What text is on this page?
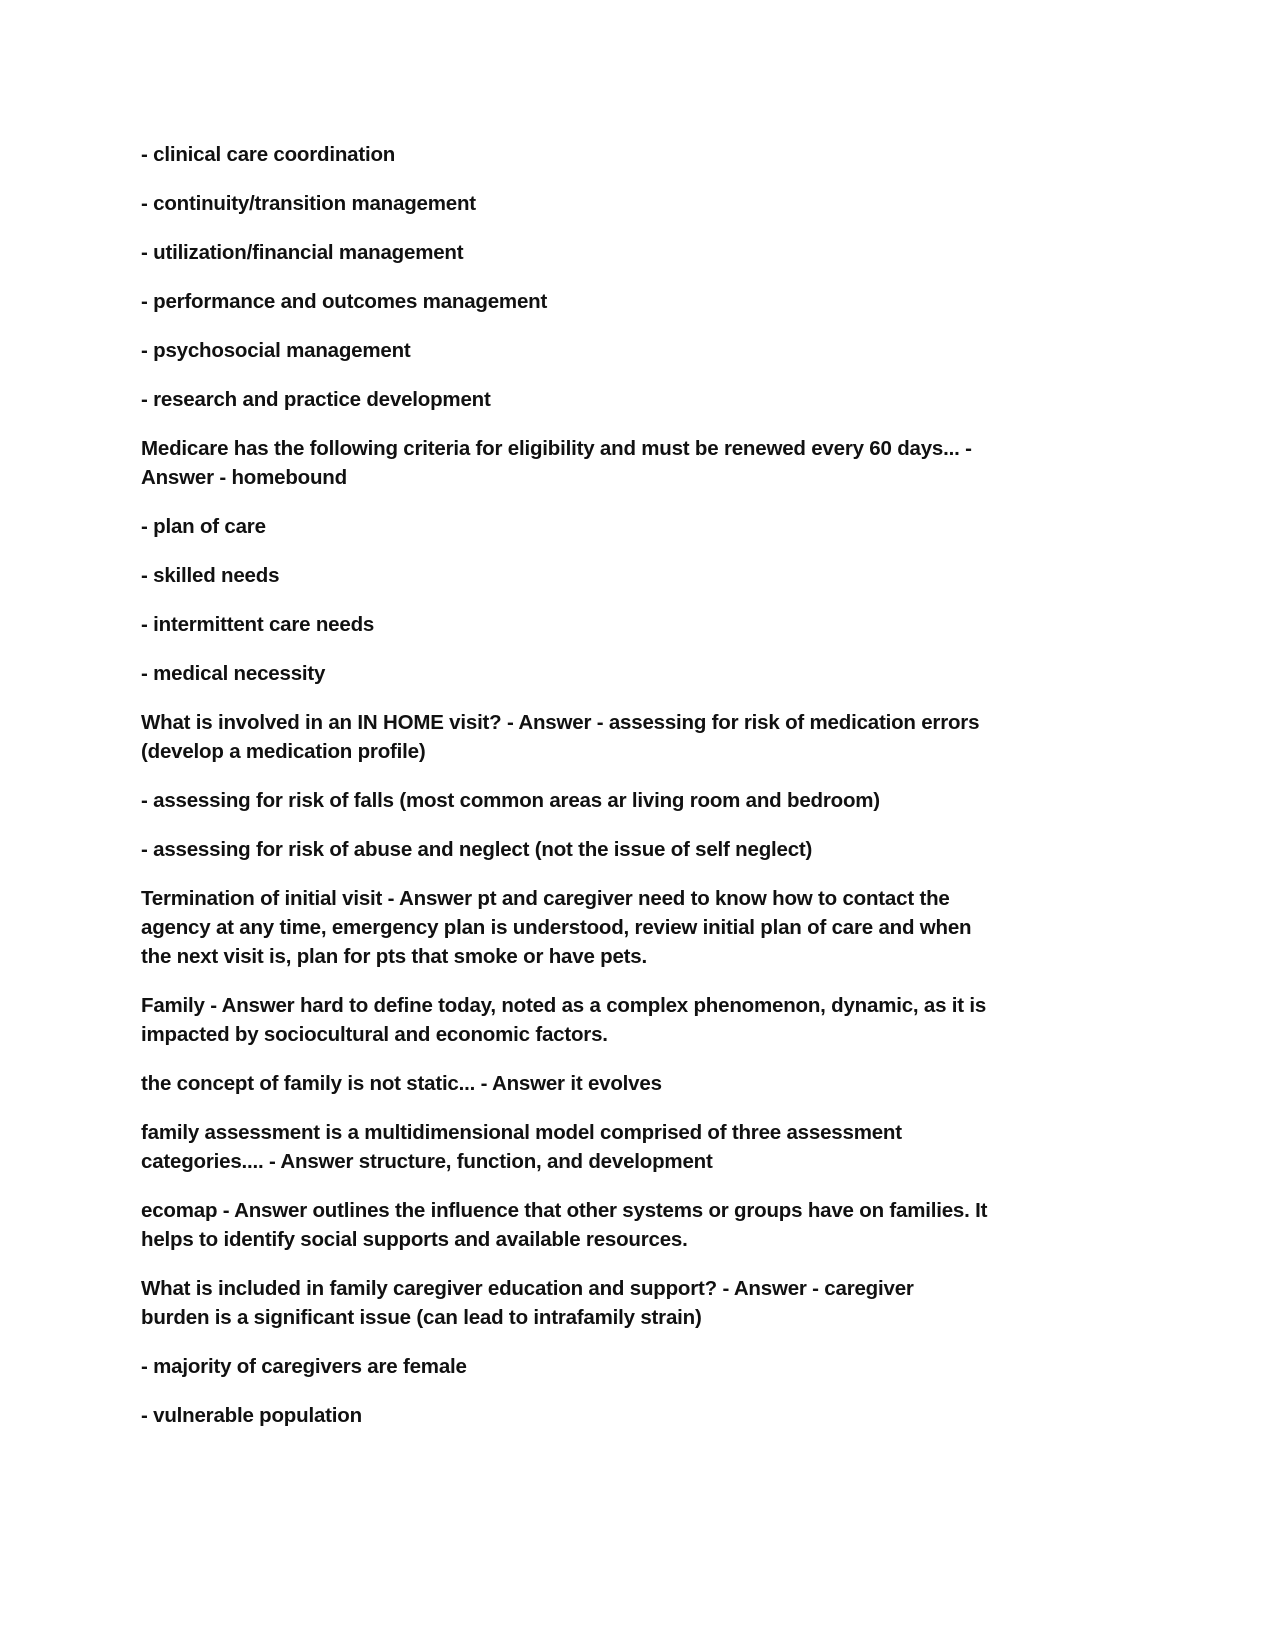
- clinical care coordination
- continuity/transition management
- utilization/financial management
- performance and outcomes management
- psychosocial management
- research and practice development
Medicare has the following criteria for eligibility and must be renewed every 60 days... -
Answer - homebound
- plan of care
- skilled needs
- intermittent care needs
- medical necessity
What is involved in an IN HOME visit? - Answer - assessing for risk of medication errors
(develop a medication profile)
- assessing for risk of falls (most common areas ar living room and bedroom)
- assessing for risk of abuse and neglect (not the issue of self neglect)
Termination of initial visit - Answer pt and caregiver need to know how to contact the
agency at any time, emergency plan is understood, review initial plan of care and when
the next visit is, plan for pts that smoke or have pets.
Family - Answer hard to define today, noted as a complex phenomenon, dynamic, as it is
impacted by sociocultural and economic factors.
the concept of family is not static... - Answer it evolves
family assessment is a multidimensional model comprised of three assessment
categories.... - Answer structure, function, and development
ecomap - Answer outlines the influence that other systems or groups have on families. It
helps to identify social supports and available resources.
What is included in family caregiver education and support? - Answer - caregiver
burden is a significant issue (can lead to intrafamily strain)
- majority of caregivers are female
- vulnerable population
